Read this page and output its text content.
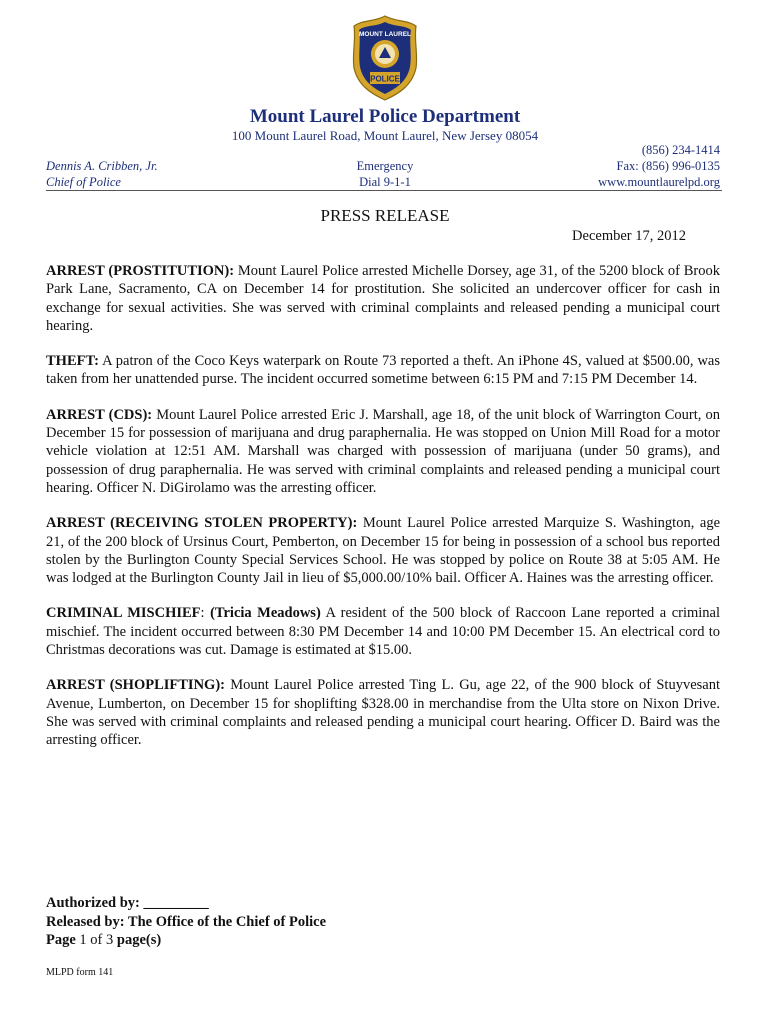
POLICE
MOUNT LAUREL
Mount Laurel Police Department
100 Mount Laurel Road, Mount Laurel, New Jersey 08054
Dennis A. Cribben, Jr.
Chief of Police
Emergency
Dial 9-1-1
(856) 234-1414
Fax: (856) 996-0135
www.mountlaurelpd.org
PRESS RELEASE
December 17, 2012

ARREST (PROSTITUTION): Mount Laurel Police arrested Michelle Dorsey, age 31, of the 5200 block of Brook Park Lane, Sacramento, CA on December 14 for prostitution. She solicited an undercover officer for cash in exchange for sexual activities. She was served with criminal complaints and released pending a municipal court hearing.

THEFT: A patron of the Coco Keys waterpark on Route 73 reported a theft. An iPhone 4S, valued at $500.00, was taken from her unattended purse. The incident occurred sometime between 6:15 PM and 7:15 PM December 14.

ARREST (CDS): Mount Laurel Police arrested Eric J. Marshall, age 18, of the unit block of Warrington Court, on December 15 for possession of marijuana and drug paraphernalia. He was stopped on Union Mill Road for a motor vehicle violation at 12:51 AM. Marshall was charged with possession of marijuana (under 50 grams), and possession of drug paraphernalia. He was served with criminal complaints and released pending a municipal court hearing. Officer N. DiGirolamo was the arresting officer.

ARREST (RECEIVING STOLEN PROPERTY): Mount Laurel Police arrested Marquize S. Washington, age 21, of the 200 block of Ursinus Court, Pemberton, on December 15 for being in possession of a school bus reported stolen by the Burlington County Special Services School. He was stopped by police on Route 38 at 5:05 AM. He was lodged at the Burlington County Jail in lieu of $5,000.00/10% bail. Officer A. Haines was the arresting officer.

CRIMINAL MISCHIEF: (Tricia Meadows) A resident of the 500 block of Raccoon Lane reported a criminal mischief. The incident occurred between 8:30 PM December 14 and 10:00 PM December 15. An electrical cord to Christmas decorations was cut. Damage is estimated at $15.00.

ARREST (SHOPLIFTING): Mount Laurel Police arrested Ting L. Gu, age 22, of the 900 block of Stuyvesant Avenue, Lumberton, on December 15 for shoplifting $328.00 in merchandise from the Ulta store on Nixon Drive. She was served with criminal complaints and released pending a municipal court hearing. Officer D. Baird was the arresting officer.

Authorized by: _________
Released by: The Office of the Chief of Police
Page 1 of 3 page(s)
MLPD form 141
